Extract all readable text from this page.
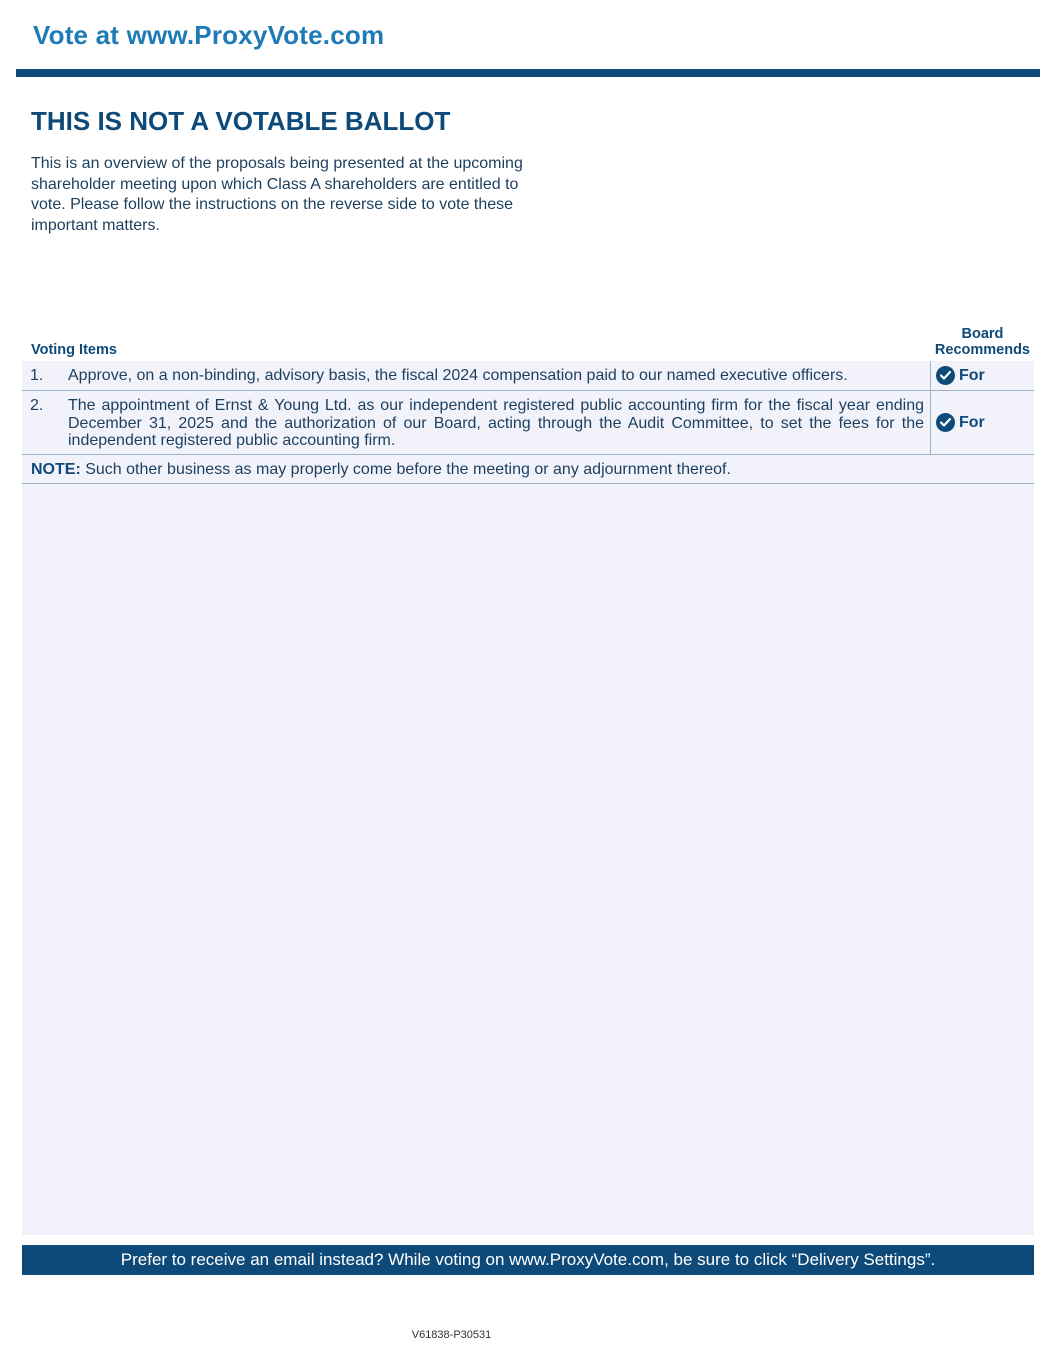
Vote at www.ProxyVote.com
THIS IS NOT A VOTABLE BALLOT
This is an overview of the proposals being presented at the upcoming shareholder meeting upon which Class A shareholders are entitled to vote. Please follow the instructions on the reverse side to vote these important matters.
Voting Items
Board
Recommends
1. Approve, on a non-binding, advisory basis, the fiscal 2024 compensation paid to our named executive officers.	For
2. The appointment of Ernst & Young Ltd. as our independent registered public accounting firm for the fiscal year ending December 31, 2025 and the authorization of our Board, acting through the Audit Committee, to set the fees for the independent registered public accounting firm.
For
NOTE: Such other business as may properly come before the meeting or any adjournment thereof.
Prefer to receive an email instead? While voting on www.ProxyVote.com, be sure to click “Delivery Settings”.
V61838-P30531
